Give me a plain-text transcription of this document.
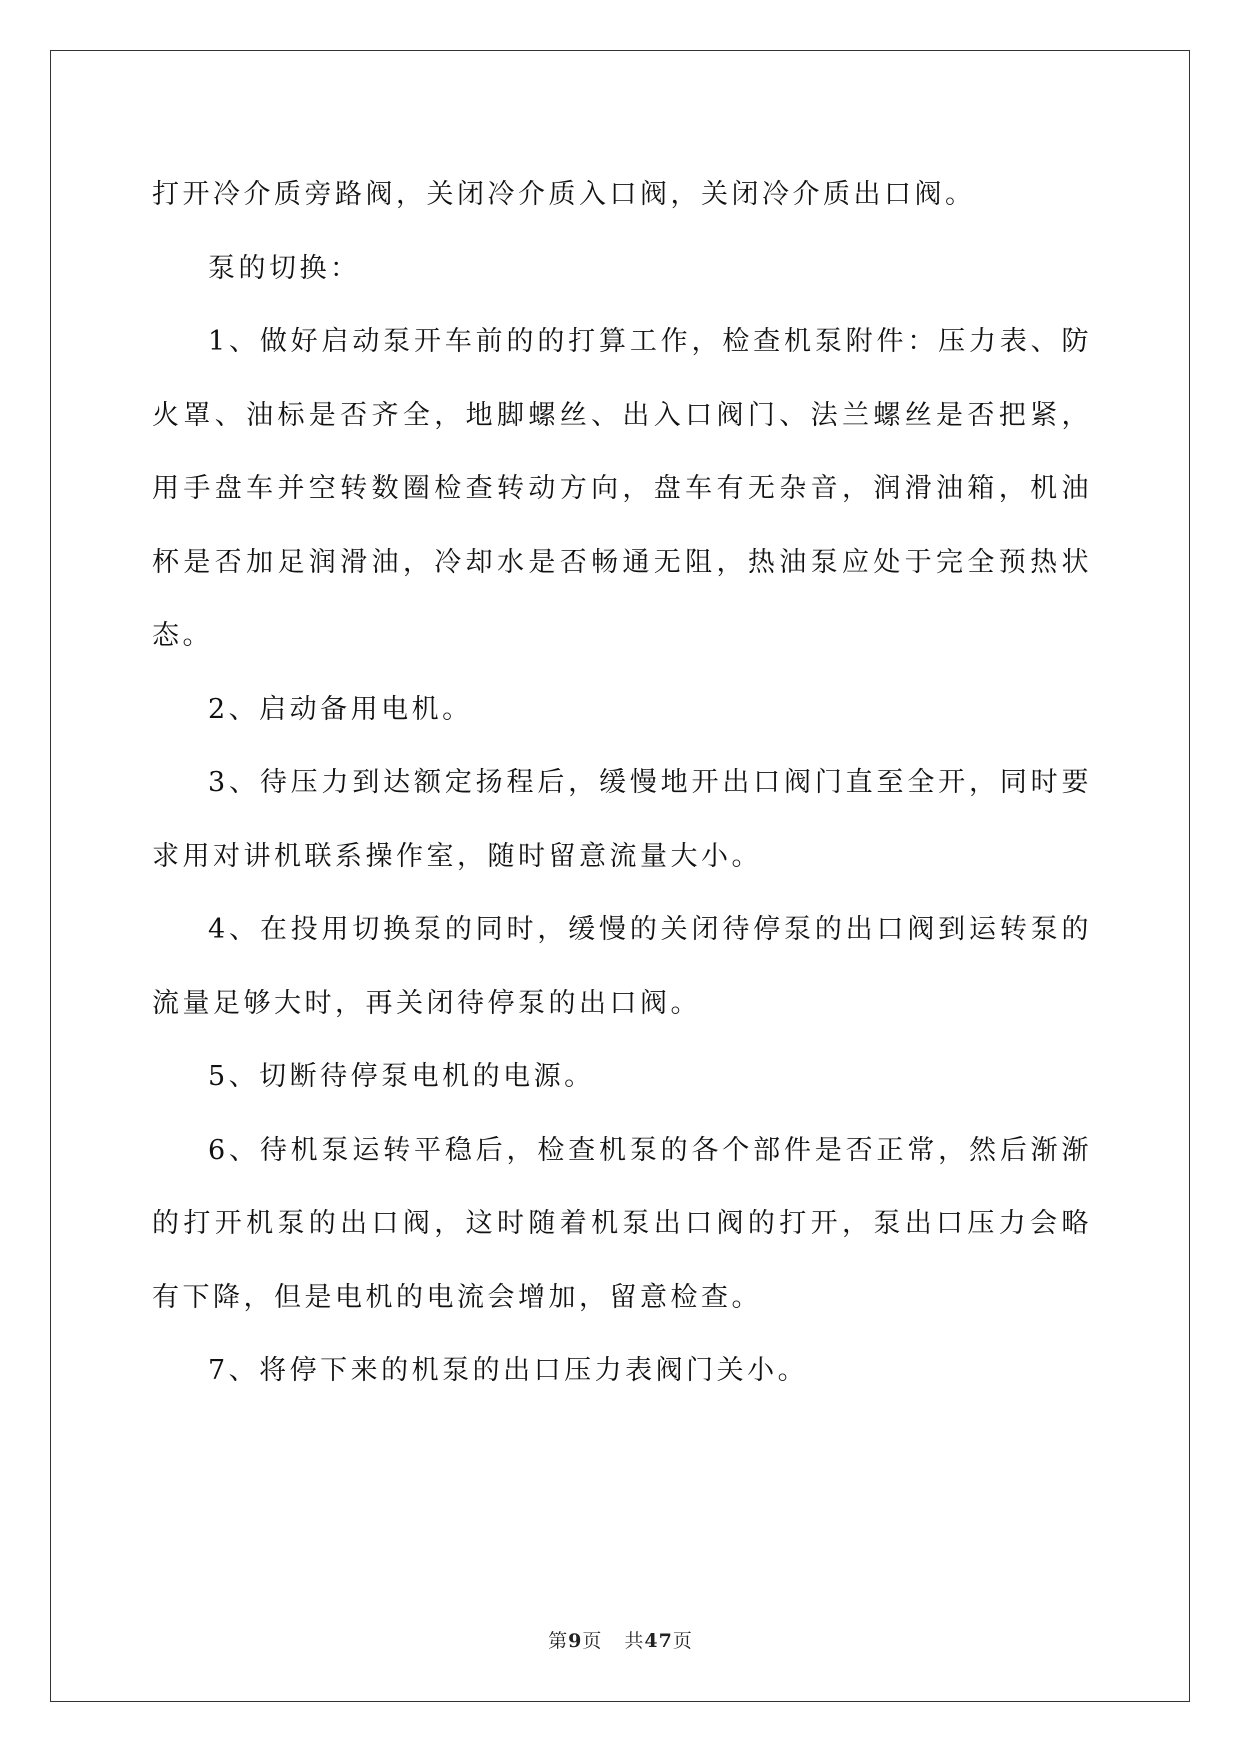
打开冷介质旁路阀，关闭冷介质入口阀，关闭冷介质出口阀。

泵的切换：

1、做好启动泵开车前的的打算工作，检查机泵附件：压力表、防火罩、油标是否齐全，地脚螺丝、出入口阀门、法兰螺丝是否把紧，用手盘车并空转数圈检查转动方向，盘车有无杂音，润滑油箱，机油杯是否加足润滑油，冷却水是否畅通无阻，热油泵应处于完全预热状态。

2、启动备用电机。

3、待压力到达额定扬程后，缓慢地开出口阀门直至全开，同时要求用对讲机联系操作室，随时留意流量大小。

4、在投用切换泵的同时，缓慢的关闭待停泵的出口阀到运转泵的流量足够大时，再关闭待停泵的出口阀。

5、切断待停泵电机的电源。

6、待机泵运转平稳后，检查机泵的各个部件是否正常，然后渐渐的打开机泵的出口阀，这时随着机泵出口阀的打开，泵出口压力会略有下降，但是电机的电流会增加，留意检查。

7、将停下来的机泵的出口压力表阀门关小。

第9页 共47页
